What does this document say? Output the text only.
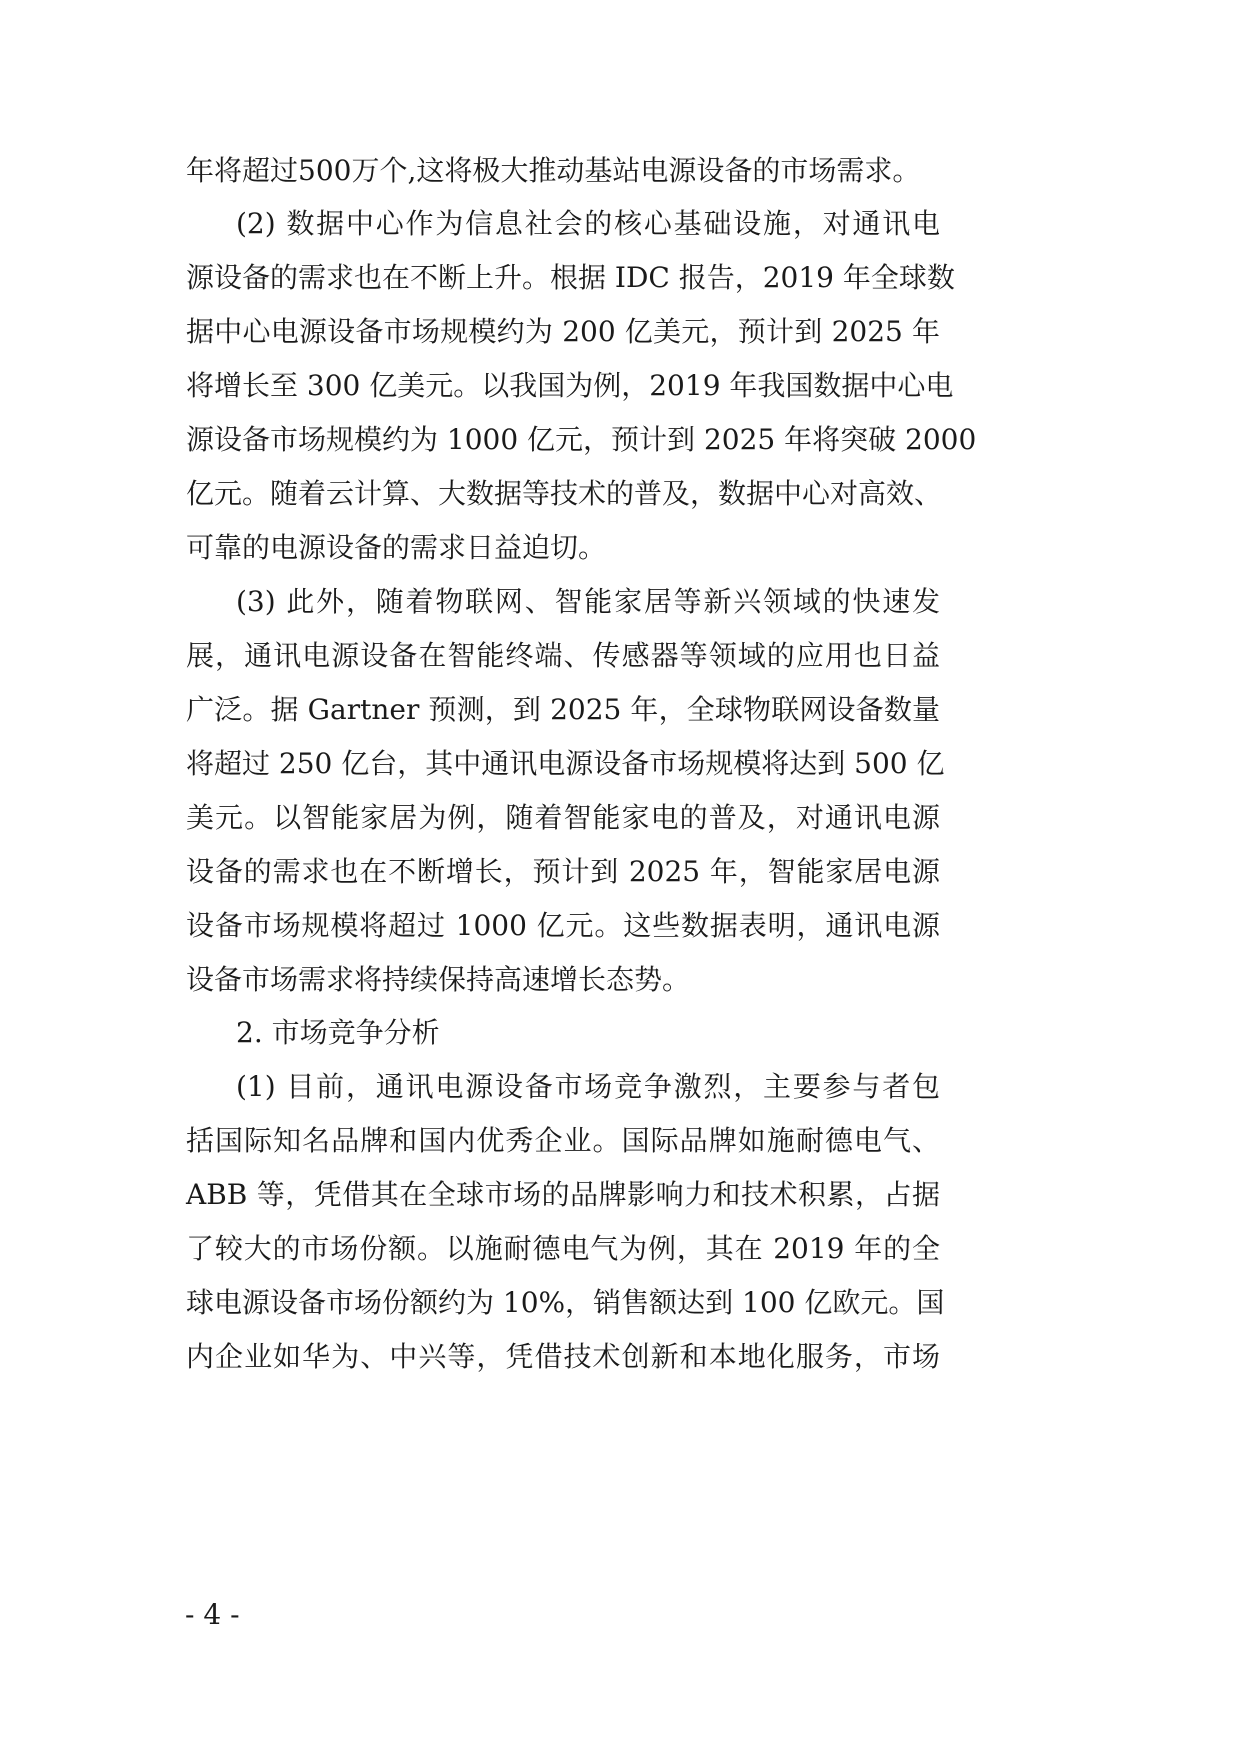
年将超过500万个,这将极大推动基站电源设备的市场需求。
(2) 数据中心作为信息社会的核心基础设施，对通讯电
源设备的需求也在不断上升。根据 IDC 报告，2019 年全球数
据中心电源设备市场规模约为 200 亿美元，预计到 2025 年
将增长至 300 亿美元。以我国为例，2019 年我国数据中心电
源设备市场规模约为 1000 亿元，预计到 2025 年将突破 2000
亿元。随着云计算、大数据等技术的普及，数据中心对高效、
可靠的电源设备的需求日益迫切。
(3) 此外，随着物联网、智能家居等新兴领域的快速发
展，通讯电源设备在智能终端、传感器等领域的应用也日益
广泛。据 Gartner 预测，到 2025 年，全球物联网设备数量
将超过 250 亿台，其中通讯电源设备市场规模将达到 500 亿
美元。以智能家居为例，随着智能家电的普及，对通讯电源
设备的需求也在不断增长，预计到 2025 年，智能家居电源
设备市场规模将超过 1000 亿元。这些数据表明，通讯电源
设备市场需求将持续保持高速增长态势。
2. 市场竞争分析
(1) 目前，通讯电源设备市场竞争激烈，主要参与者包
括国际知名品牌和国内优秀企业。国际品牌如施耐德电气、
ABB 等，凭借其在全球市场的品牌影响力和技术积累，占据
了较大的市场份额。以施耐德电气为例，其在 2019 年的全
球电源设备市场份额约为 10%，销售额达到 100 亿欧元。国
内企业如华为、中兴等，凭借技术创新和本地化服务，市场
- 4 -
